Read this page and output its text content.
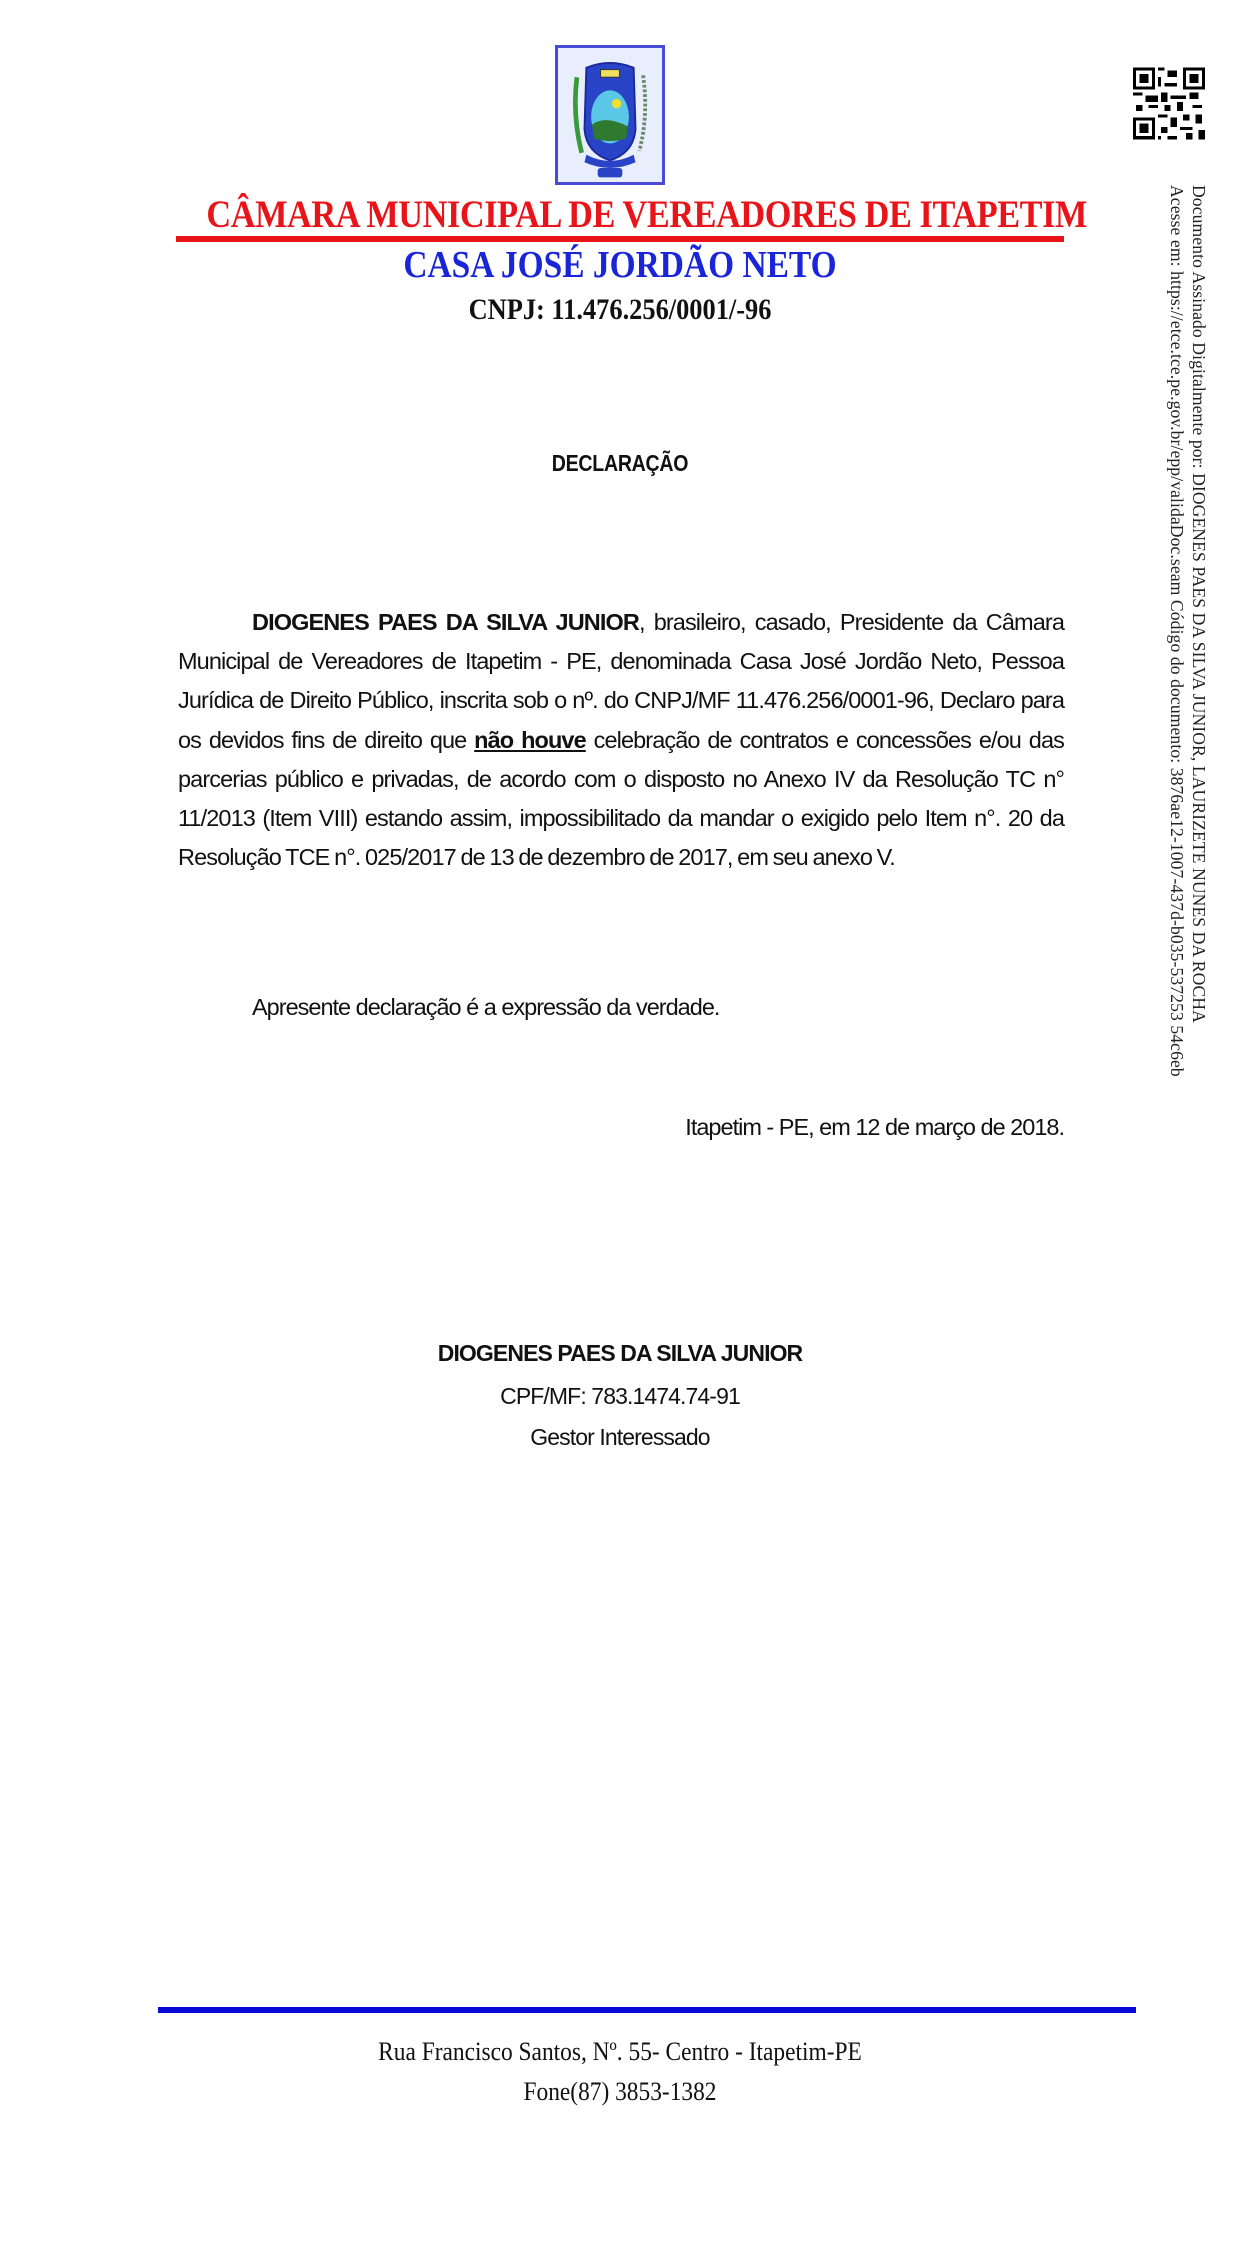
CÂMARA MUNICIPAL DE VEREADORES DE ITAPETIM
CASA JOSÉ JORDÃO NETO
CNPJ: 11.476.256/0001/-96
DECLARAÇÃO
DIOGENES PAES DA SILVA JUNIOR, brasileiro, casado, Presidente da Câmara Municipal de Vereadores de Itapetim - PE, denominada Casa José Jordão Neto, Pessoa Jurídica de Direito Público, inscrita sob o nº. do CNPJ/MF 11.476.256/0001-96, Declaro para os devidos fins de direito que não houve celebração de contratos e concessões e/ou das parcerias público e privadas, de acordo com o disposto no Anexo IV da Resolução TC n° 11/2013 (Item VIII) estando assim, impossibilitado da mandar o exigido pelo Item n°. 20 da Resolução TCE n°. 025/2017 de 13 de dezembro de 2017, em seu anexo V.
Apresente declaração é a expressão da verdade.
Itapetim - PE, em 12 de março de 2018.
DIOGENES PAES DA SILVA JUNIOR
CPF/MF: 783.1474.74-91
Gestor Interessado
Rua Francisco Santos, Nº. 55- Centro - Itapetim-PE
Fone(87) 3853-1382
Documento Assinado Digitalmente por: DIOGENES PAES DA SILVA JUNIOR, LAURIZETE NUNES DA ROCHA
Acesse em: https://etce.tce.pe.gov.br/epp/validaDoc.seam Código do documento: 3876ae12-1007-437d-b035-537253 54c6eb
